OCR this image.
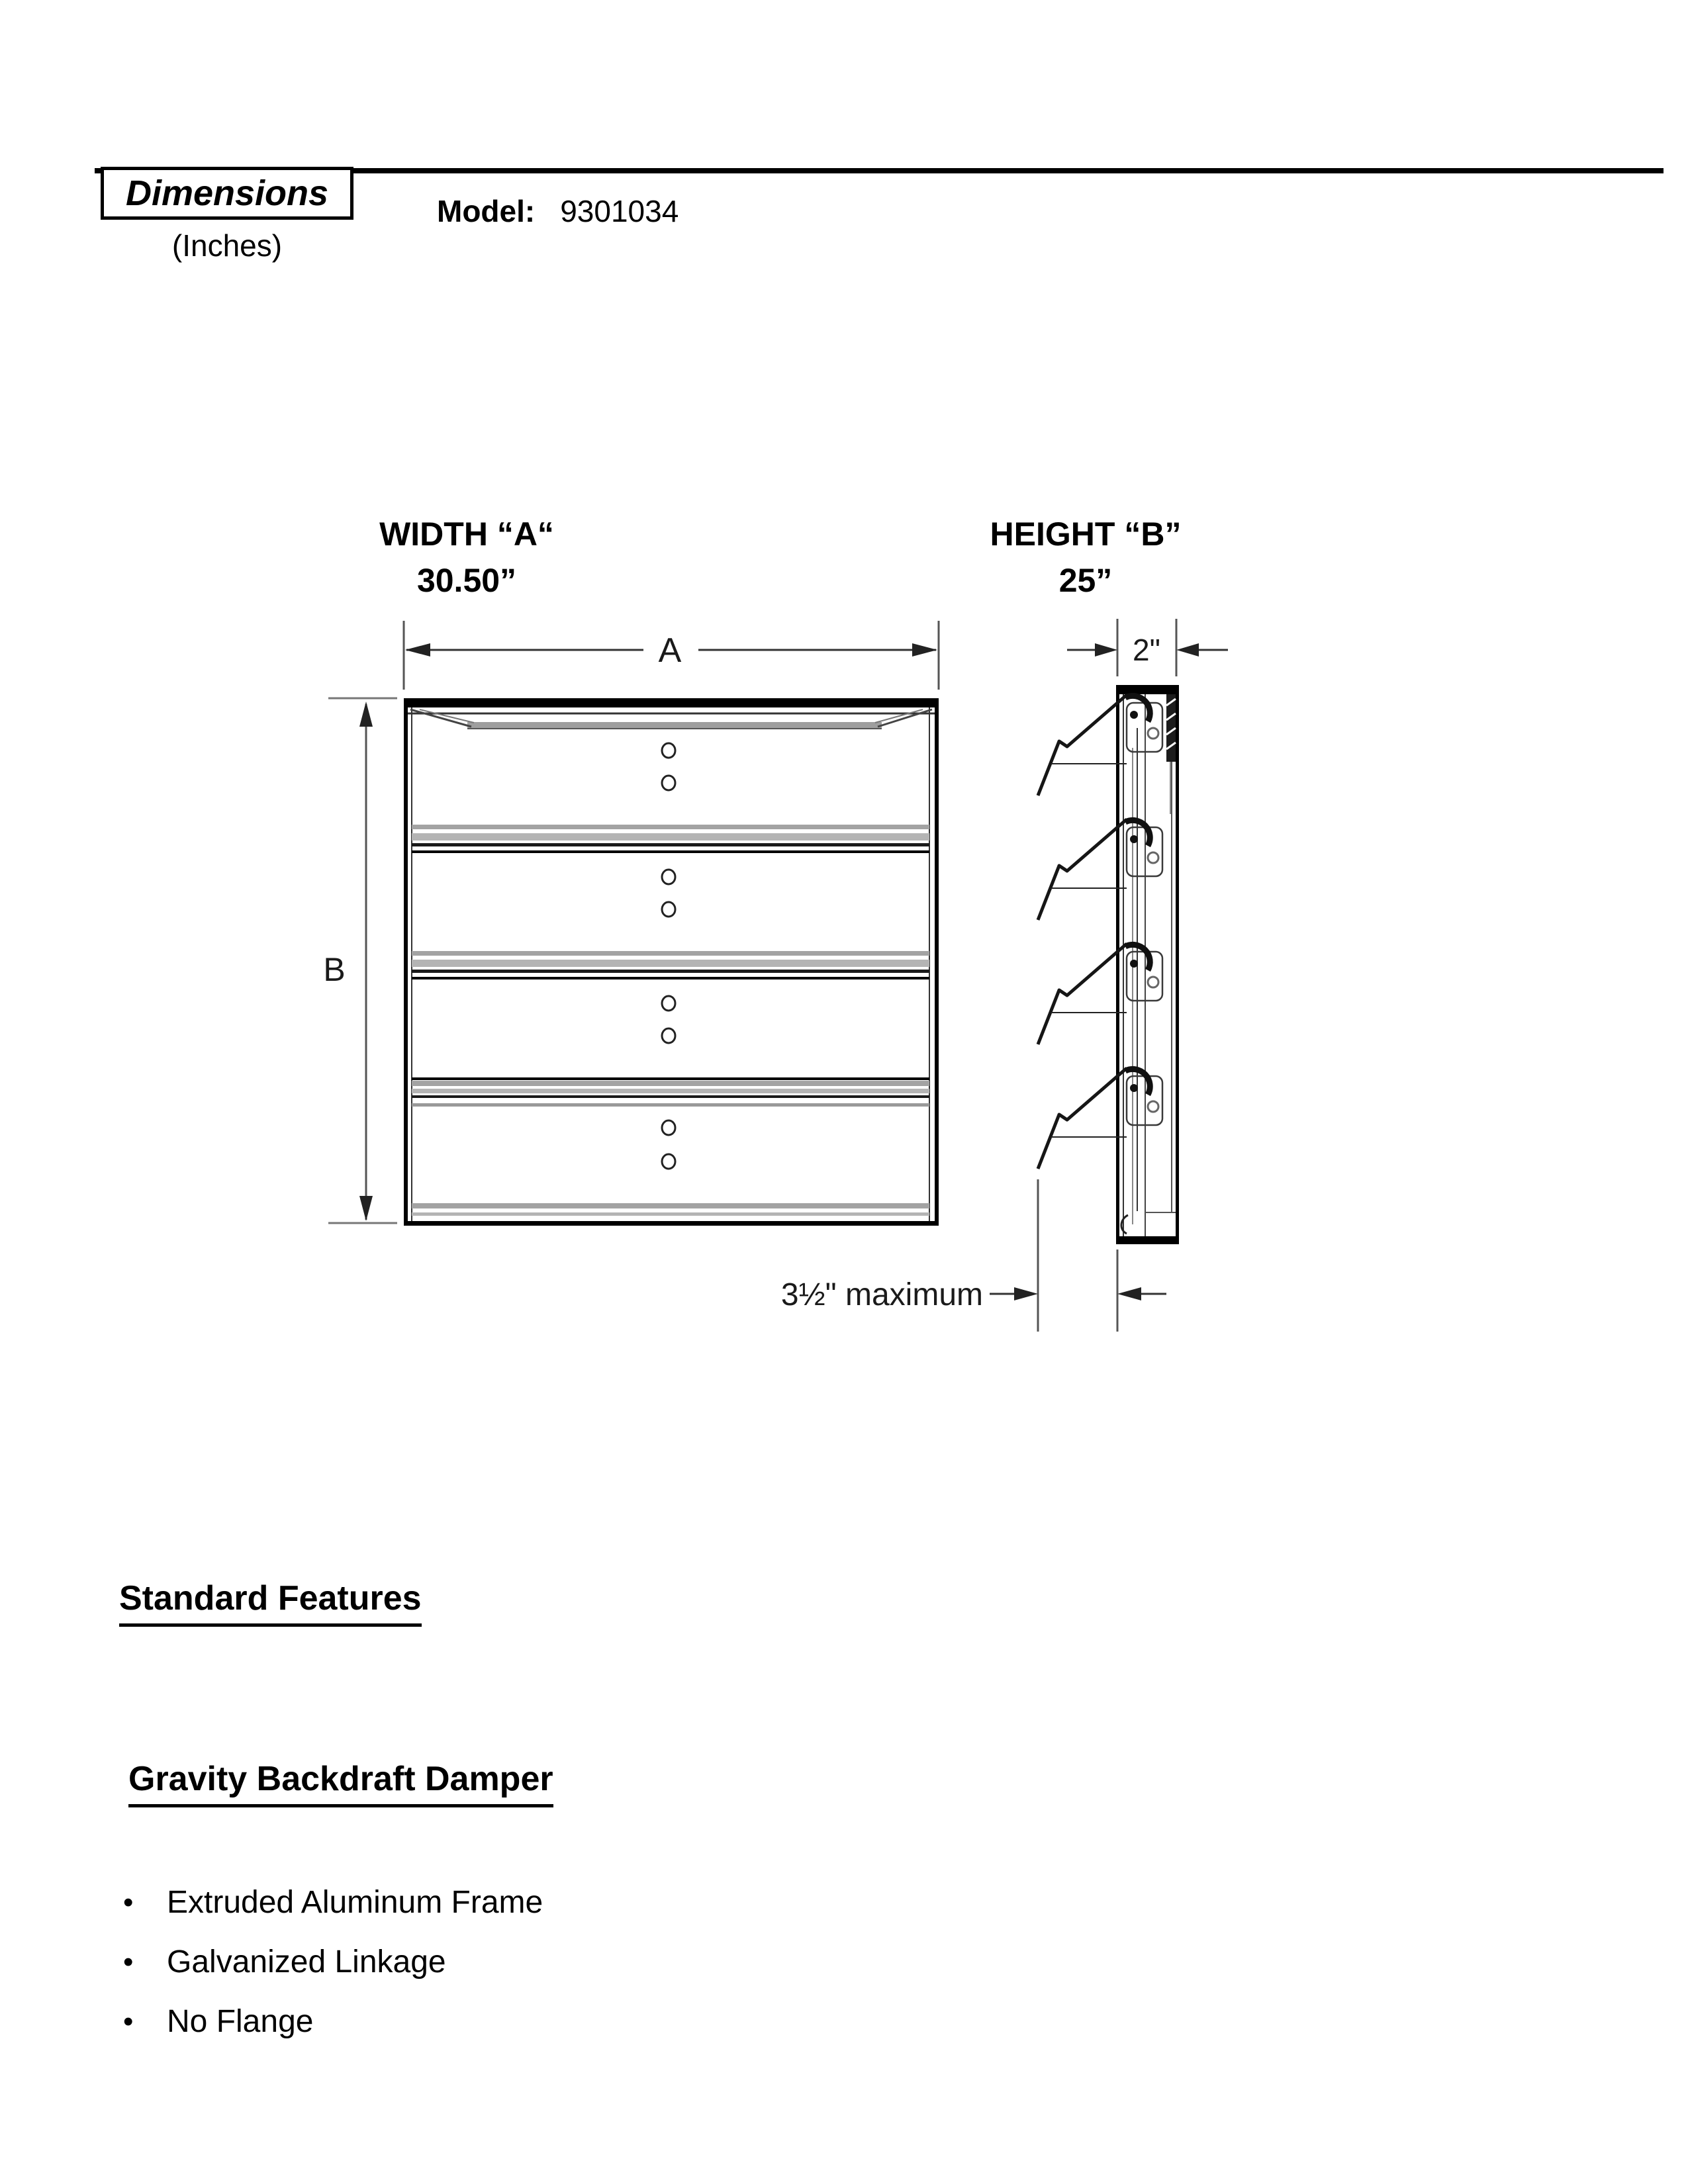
Dimensions
(Inches)
Model: 9301034
WIDTH “A“
30.50”
HEIGHT “B”
25”
A	2"
B
3½" maximum
Standard Features
Gravity Backdraft Damper
• Extruded Aluminum Frame
• Galvanized Linkage
• No Flange
